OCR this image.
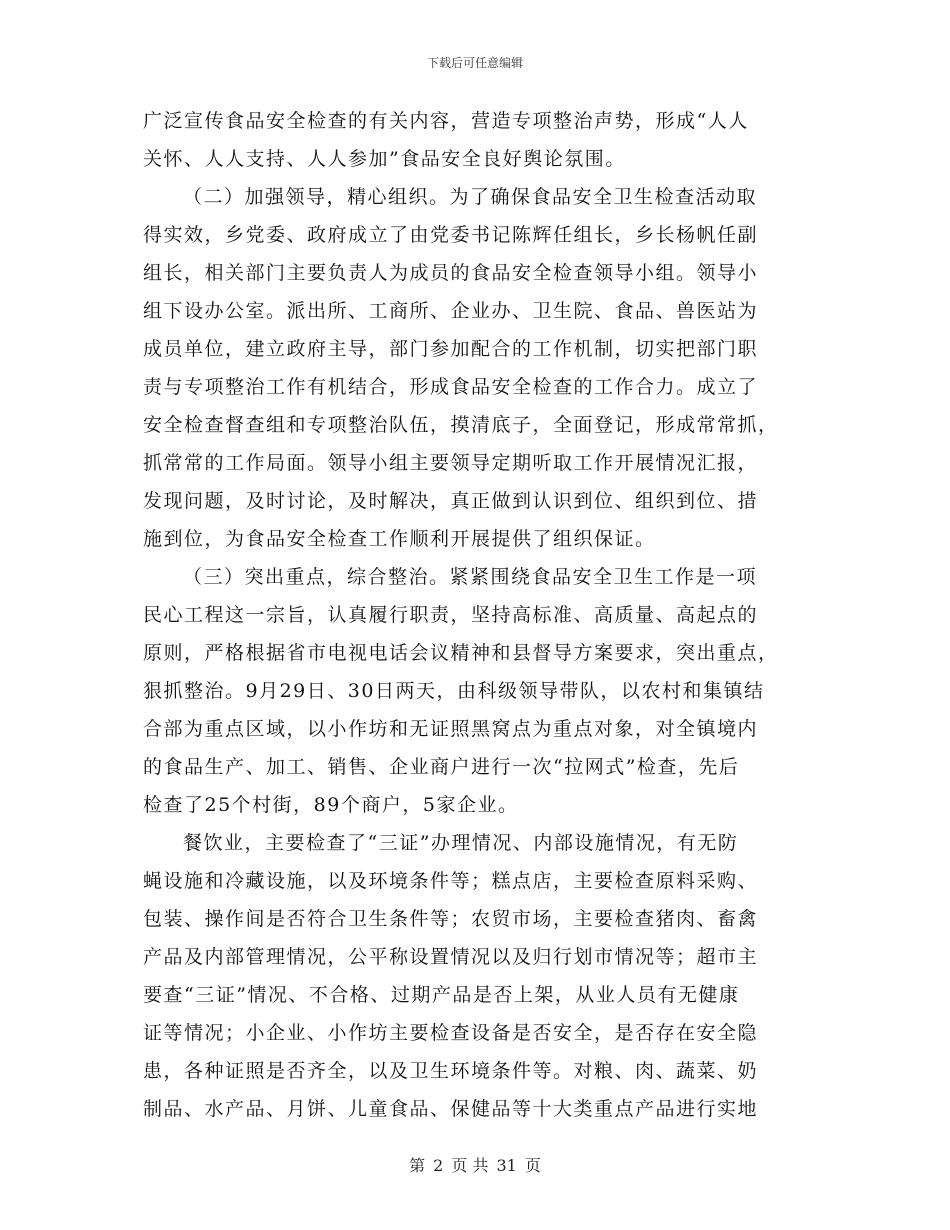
下载后可任意编辑
广泛宣传食品安全检查的有关内容，营造专项整治声势，形成“人人
关怀、人人支持、人人参加”食品安全良好舆论氛围。
（二）加强领导，精心组织。为了确保食品安全卫生检查活动取
得实效，乡党委、政府成立了由党委书记陈辉任组长，乡长杨帆任副
组长，相关部门主要负责人为成员的食品安全检查领导小组。领导小
组下设办公室。派出所、工商所、企业办、卫生院、食品、兽医站为
成员单位，建立政府主导，部门参加配合的工作机制，切实把部门职
责与专项整治工作有机结合，形成食品安全检查的工作合力。成立了
安全检查督查组和专项整治队伍，摸清底子，全面登记，形成常常抓，
抓常常的工作局面。领导小组主要领导定期听取工作开展情况汇报，
发现问题，及时讨论，及时解决，真正做到认识到位、组织到位、措
施到位，为食品安全检查工作顺利开展提供了组织保证。
（三）突出重点，综合整治。紧紧围绕食品安全卫生工作是一项
民心工程这一宗旨，认真履行职责，坚持高标准、高质量、高起点的
原则，严格根据省市电视电话会议精神和县督导方案要求，突出重点，
狠抓整治。9月29日、30日两天，由科级领导带队，以农村和集镇结
合部为重点区域，以小作坊和无证照黑窝点为重点对象，对全镇境内
的食品生产、加工、销售、企业商户进行一次“拉网式”检查，先后
检查了25个村街，89个商户，5家企业。
餐饮业，主要检查了“三证”办理情况、内部设施情况，有无防
蝇设施和冷藏设施，以及环境条件等；糕点店，主要检查原料采购、
包装、操作间是否符合卫生条件等；农贸市场，主要检查猪肉、畜禽
产品及内部管理情况，公平称设置情况以及归行划市情况等；超市主
要查“三证”情况、不合格、过期产品是否上架，从业人员有无健康
证等情况；小企业、小作坊主要检查设备是否安全，是否存在安全隐
患，各种证照是否齐全，以及卫生环境条件等。对粮、肉、蔬菜、奶
制品、水产品、月饼、儿童食品、保健品等十大类重点产品进行实地
第 2 页 共 31 页
